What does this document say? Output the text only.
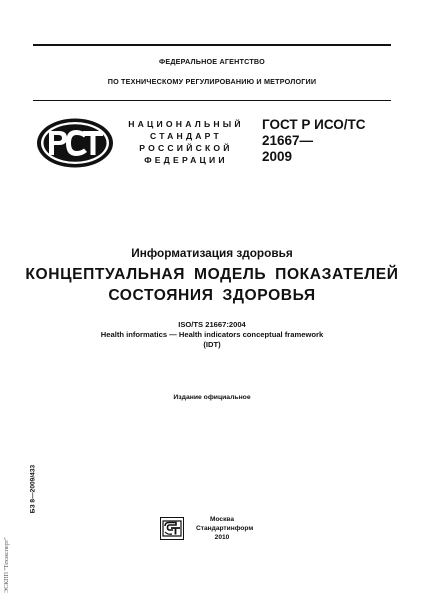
ФЕДЕРАЛЬНОЕ АГЕНТСТВО
ПО ТЕХНИЧЕСКОМУ РЕГУЛИРОВАНИЮ И МЕТРОЛОГИИ
НАЦИОНАЛЬНЫЙ
СТАНДАРТ
РОССИЙСКОЙ
ФЕДЕРАЦИИ
ГОСТ Р ИСО/ТС
21667—
2009
Информатизация здоровья
КОНЦЕПТУАЛЬНАЯ МОДЕЛЬ ПОКАЗАТЕЛЕЙ
СОСТОЯНИЯ ЗДОРОВЬЯ
ISO/TS 21667:2004
Health informatics — Health indicators conceptual framework
(IDT)
Издание официальное
БЗ 8—2009/433
ЭСКПП "Техэксперт"
Москва
Стандартинформ
2010
